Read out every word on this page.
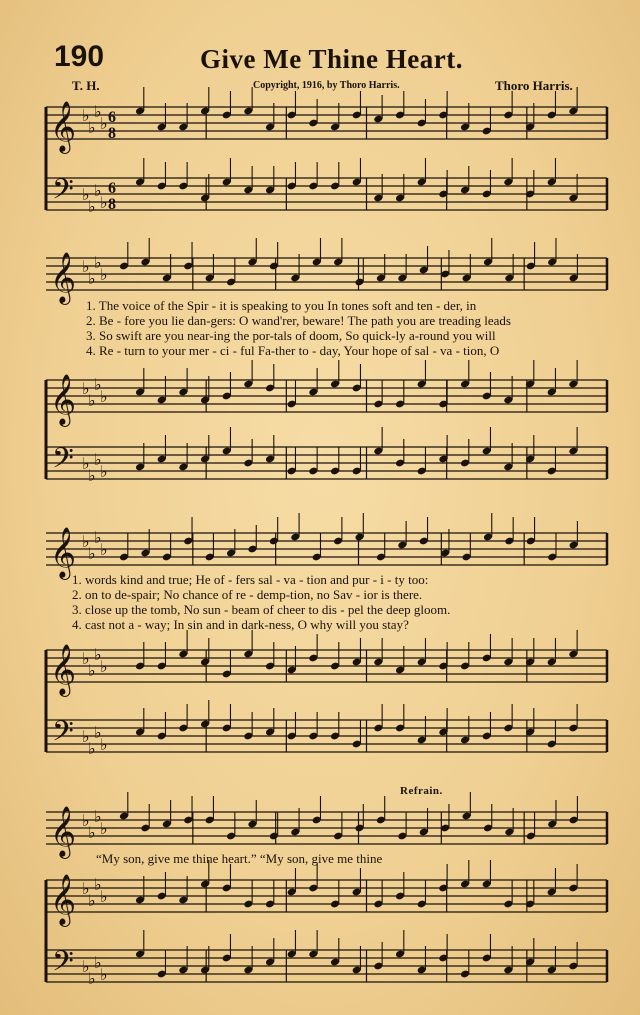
190	Give Me Thine Heart.
T. H.	Copyright, 1916, by Thoro Harris.	Thoro Harris.
𝄞
𝄢
♭
♭
♭
♭
♭
♭
♭
♭
6
8
6
8
𝄞 ♭
♭
♭
♭
𝄞
𝄢
♭
♭
♭
♭
♭
♭
♭
♭
𝄞 ♭
♭
♭
♭
𝄞
𝄢
♭
♭
♭
♭
♭
♭
♭
♭
𝄞 ♭
♭
♭
♭
𝄞
𝄢
♭
♭
♭
♭
♭
♭
♭
♭
1. The voice of the Spir - it is speaking to you In tones soft and ten - der, in
2. Be - fore you lie dan-gers: O wand'rer, beware! The path you are treading leads
3. So swift are you near-ing the por-tals of doom, So quick-ly a-round you will
4. Re - turn to your mer - ci - ful Fa-ther to - day, Your hope of sal - va - tion, O
1. words kind and true; He of - fers sal - va - tion and pur - i - ty too:
2. on to de-spair; No chance of re - demp-tion, no Sav - ior is there.
3. close up the tomb, No sun - beam of cheer to dis - pel the deep gloom.
4. cast not a - way; In sin and in dark-ness, O why will you stay?
Refrain.
“My son, give me thine heart.” “My son, give me thine
